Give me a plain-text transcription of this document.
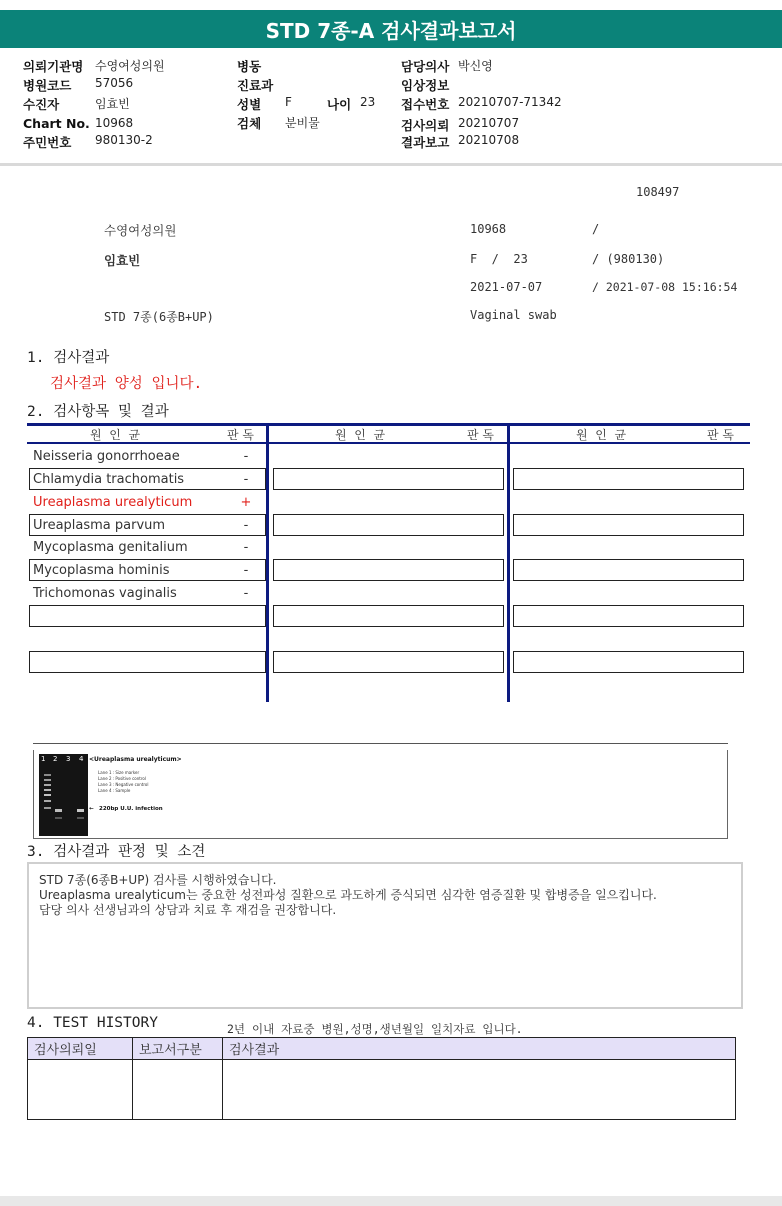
STD 7종-A 검사결과보고서
의뢰기관명 수영여성의원
병원코드 57056
수진자	임효빈
Chart No. 10968
주민번호 980130-2
병동
진료과
성별 F	나이 23
검체 분비물
담당의사 박신영
임상정보
접수번호 20210707-71342
검사의뢰 20210707
결과보고 20210708
108497
수영여성의원	10968	/
임효빈	F  /  23	/ (980130)
2021-07-07	/ 2021-07-08 15:16:54
STD 7종(6종B+UP)	Vaginal swab
1. 검사결과
검사결과 양성 입니다.
2. 검사항목 및 결과
원  인  균	판 독	원  인  균	판 독	원  인  균	판 독
Neisseria gonorrhoeae	-
Chlamydia trachomatis	-
Ureaplasma urealyticum	+
Ureaplasma parvum	-
Mycoplasma genitalium	-
Mycoplasma hominis	-
Trichomonas vaginalis	-
1 2 3 4 <Ureaplasma urealyticum>
Lane 1 : Size marker
Lane 2 : Positive control
Lane 3 : Negative control
Lane 4 : Sample
← 220bp U.U. infection
3. 검사결과 판정 및 소견
STD 7종(6종B+UP) 검사를 시행하였습니다.
Ureaplasma urealyticum는 중요한 성전파성 질환으로 과도하게 증식되면 심각한 염증질환 및 합병증을 일으킵니다.
담당 의사 선생님과의 상담과 치료 후 재검을 권장합니다.
4. TEST HISTORY	2년 이내 자료중 병원,성명,생년월일 일치자료 입니다.
검사의뢰일	보고서구분	검사결과
